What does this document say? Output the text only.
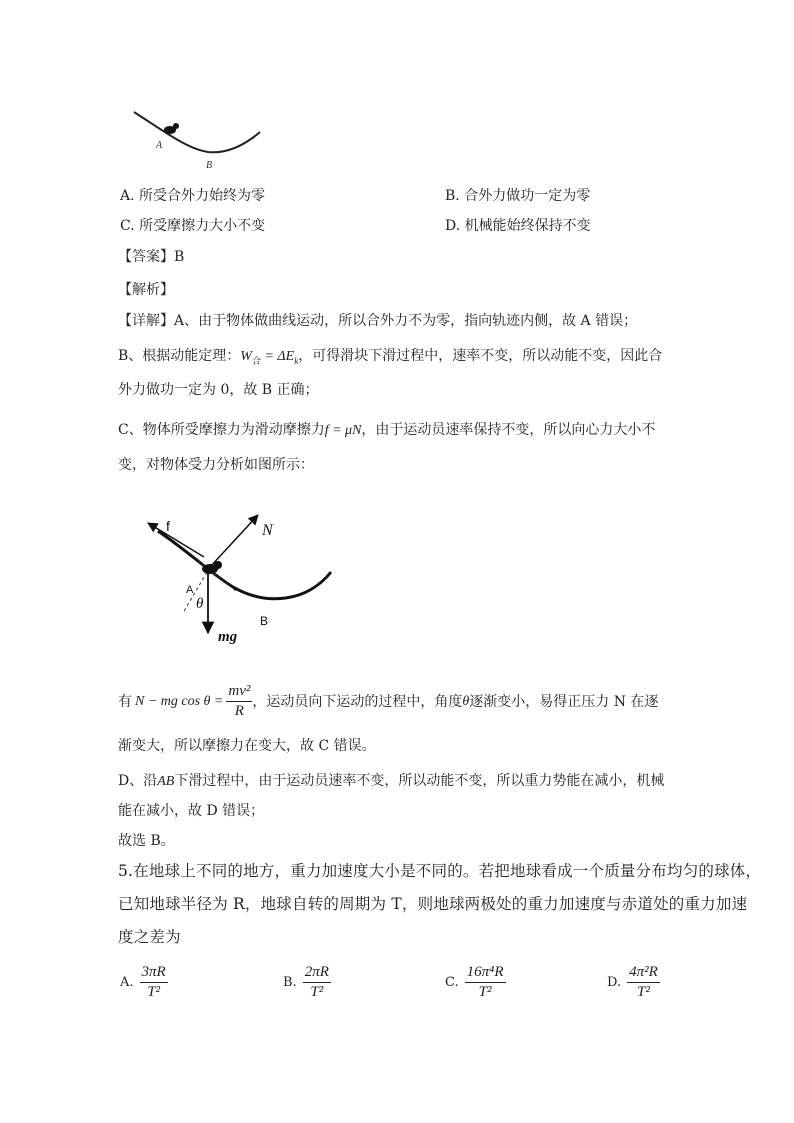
A
B
A. 所受合外力始终为零	B. 合外力做功一定为零
C. 所受摩擦力大小不变	D. 机械能始终保持不变
【答案】B
【解析】
【详解】A、由于物体做曲线运动，所以合外力不为零，指向轨迹内侧，故 A 错误；
B、根据动能定理：$W_合 = \Delta E_k$，可得滑块下滑过程中，速率不变，所以动能不变，因此合
外力做功一定为 0，故 B 正确；
C、物体所受摩擦力为滑动摩擦力f = μN，由于运动员速率保持不变，所以向心力大小不
变，对物体受力分析如图所示：
f	N
A
θ
mg
B
有 N − mg $\cos \theta = \frac{\text{mv²}}{R}$ ，运动员向下运动的过程中，角度 θ 逐渐变小，易得正压力 N 在逐
渐变大，所以摩擦力在变大，故 C 错误。
D、沿AB下滑过程中，由于运动员速率不变，所以动能不变，所以重力势能在减小，机械
能在减小，故 D 错误；
故选 B。
5.在地球上不同的地方，重力加速度大小是不同的。若把地球看成一个质量分布均匀的球体，
已知地球半径为 R，地球自转的周期为 T，则地球两极处的重力加速度与赤道处的重力加速
度之差为
A. $\frac{3\pi R}{\text{T²}}$	B. $\frac{2\pi R}{\text{T²}}$	C. $\frac{\text{16π⁴R}}{\text{T²}}$	D. $\frac{\text{4π²R}}{\text{T²}}$
